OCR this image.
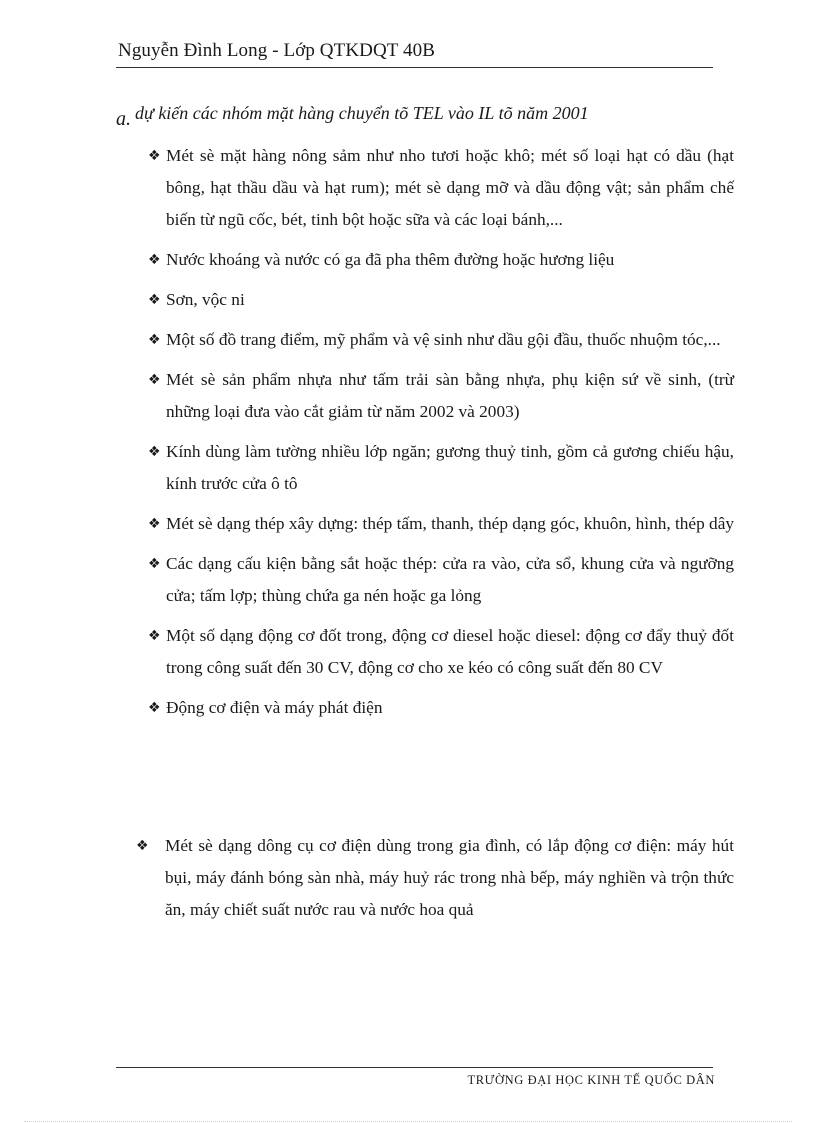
Nguyễn Đình Long - Lớp QTKDQT 40B
a. dự kiến các nhóm mặt hàng chuyển tõ TEL vào IL tõ năm 2001
❖ Mét sè mặt hàng nông sảm như nho tươi hoặc khô; mét số loại hạt có dầu (hạt bông, hạt thầu dầu và hạt rum); mét sè dạng mỡ và dầu động vật; sản phẩm chế biến từ ngũ cốc, bét, tinh bột hoặc sữa và các loại bánh,...
❖ Nước khoáng và nước có ga đã pha thêm đường hoặc hương liệu
❖ Sơn, vộc ni
❖ Một số đồ trang điểm, mỹ phẩm và vệ sinh như dầu gội đầu, thuốc nhuộm tóc,...
❖ Mét sè sản phẩm nhựa như tấm trải sàn bằng nhựa, phụ kiện sứ về sinh, (trừ những loại đưa vào cắt giảm từ năm 2002 và 2003)
❖ Kính dùng làm tường nhiều lớp ngăn; gương thuỷ tinh, gồm cả gương chiếu hậu, kính trước cửa ô tô
❖ Mét sè dạng thép xây dựng: thép tấm, thanh, thép dạng góc, khuôn, hình, thép dây
❖ Các dạng cấu kiện bằng sắt hoặc thép: cửa ra vào, cửa sổ, khung cửa và ngưỡng cửa; tấm lợp; thùng chứa ga nén hoặc ga lỏng
❖ Một số dạng động cơ đốt trong, động cơ diesel hoặc diesel: động cơ đẩy thuỷ đốt trong công suất đến 30 CV, động cơ cho xe kéo có công suất đến 80 CV
❖ Động cơ điện và máy phát điện
❖ Mét sè dạng dông cụ cơ điện dùng trong gia đình, có lắp động cơ điện: máy hút bụi, máy đánh bóng sàn nhà, máy huỷ rác trong nhà bếp, máy nghiền và trộn thức ăn, máy chiết suất nước rau và nước hoa quả
TRƯỜNG ĐẠI HỌC KINH TẾ QUỐC DÂN
